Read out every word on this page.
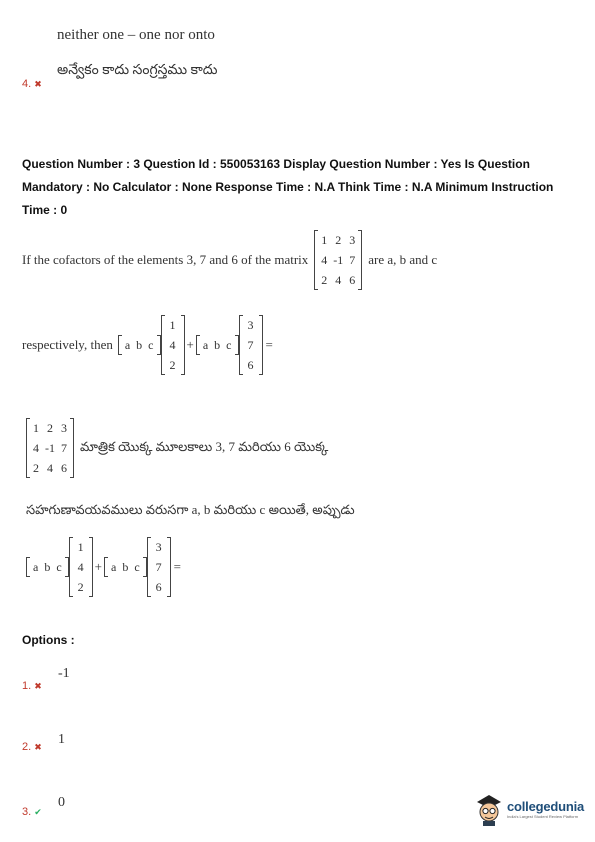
neither one – one nor onto
4. ✖
అన్వేకం కాదు సంగ్రస్తము కాదు
Question Number : 3 Question Id : 550053163 Display Question Number : Yes Is Question
Mandatory : No Calculator : None Response Time : N.A Think Time : N.A Minimum Instruction
Time : 0
If the cofactors of the elements 3, 7 and 6 of the matrix
1	2	3
4	-1	7
2	4	6
are a, b and c
respectively, then a	b	c
1
4
2
+ a	b	c
3
7
6
=
1	2	3
4	-1	7
2	4	6
మాత్రిక యొక్క మూలకాలు 3, 7 మరియు 6 యొక్క
సహగుణావయవములు వరుసగా a, b మరియు c అయితే, అప్పుడు
a	b	c
1
4
2
+ a	b	c
3
7
6
=
Options :
1. ✖
-1
2. ✖ 1
3. ✔
0	collegedunia
India's Largest Student Review Platform
